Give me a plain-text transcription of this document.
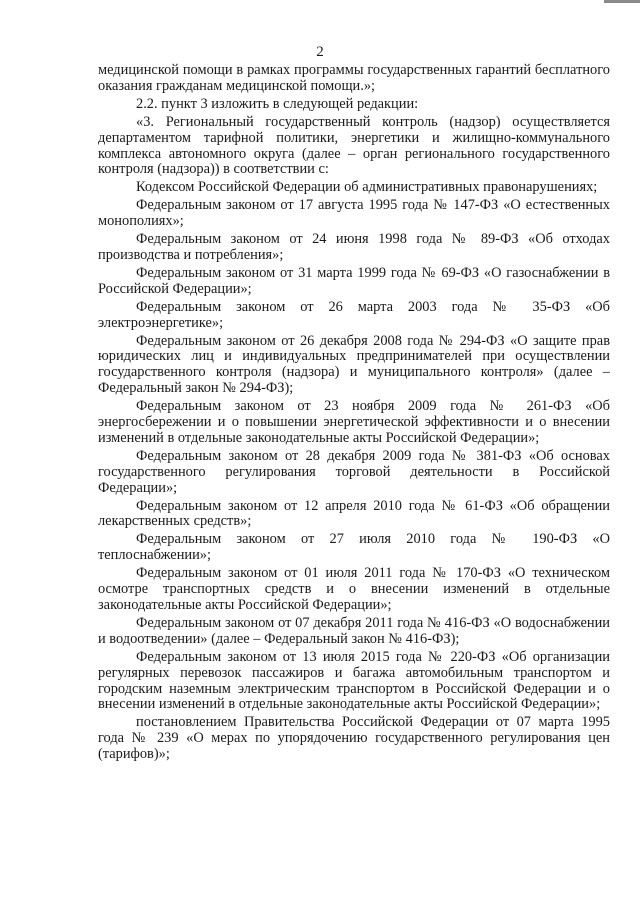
2

медицинской помощи в рамках программы государственных гарантий бесплатного оказания гражданам медицинской помощи.»;

2.2. пункт 3 изложить в следующей редакции:

«3. Региональный государственный контроль (надзор) осуществляется департаментом тарифной политики, энергетики и жилищно-коммунального комплекса автономного округа (далее – орган регионального государственного контроля (надзора)) в соответствии с:

Кодексом Российской Федерации об административных правонарушениях;

Федеральным законом от 17 августа 1995 года № 147-ФЗ «О естественных монополиях»;

Федеральным законом от 24 июня 1998 года № 89-ФЗ «Об отходах производства и потребления»;

Федеральным законом от 31 марта 1999 года № 69-ФЗ «О газоснабжении в Российской Федерации»;

Федеральным законом от 26 марта 2003 года № 35-ФЗ «Об электроэнергетике»;

Федеральным законом от 26 декабря 2008 года № 294-ФЗ «О защите прав юридических лиц и индивидуальных предпринимателей при осуществлении государственного контроля (надзора) и муниципального контроля» (далее – Федеральный закон № 294-ФЗ);

Федеральным законом от 23 ноября 2009 года № 261-ФЗ «Об энергосбережении и о повышении энергетической эффективности и о внесении изменений в отдельные законодательные акты Российской Федерации»;

Федеральным законом от 28 декабря 2009 года № 381-ФЗ «Об основах государственного регулирования торговой деятельности в Российской Федерации»;

Федеральным законом от 12 апреля 2010 года № 61-ФЗ «Об обращении лекарственных средств»;

Федеральным законом от 27 июля 2010 года № 190-ФЗ «О теплоснабжении»;

Федеральным законом от 01 июля 2011 года № 170-ФЗ «О техническом осмотре транспортных средств и о внесении изменений в отдельные законодательные акты Российской Федерации»;

Федеральным законом от 07 декабря 2011 года № 416-ФЗ «О водоснабжении и водоотведении» (далее – Федеральный закон № 416-ФЗ);

Федеральным законом от 13 июля 2015 года № 220-ФЗ «Об организации регулярных перевозок пассажиров и багажа автомобильным транспортом и городским наземным электрическим транспортом в Российской Федерации и о внесении изменений в отдельные законодательные акты Российской Федерации»;

постановлением Правительства Российской Федерации от 07 марта 1995 года № 239 «О мерах по упорядочению государственного регулирования цен (тарифов)»;
